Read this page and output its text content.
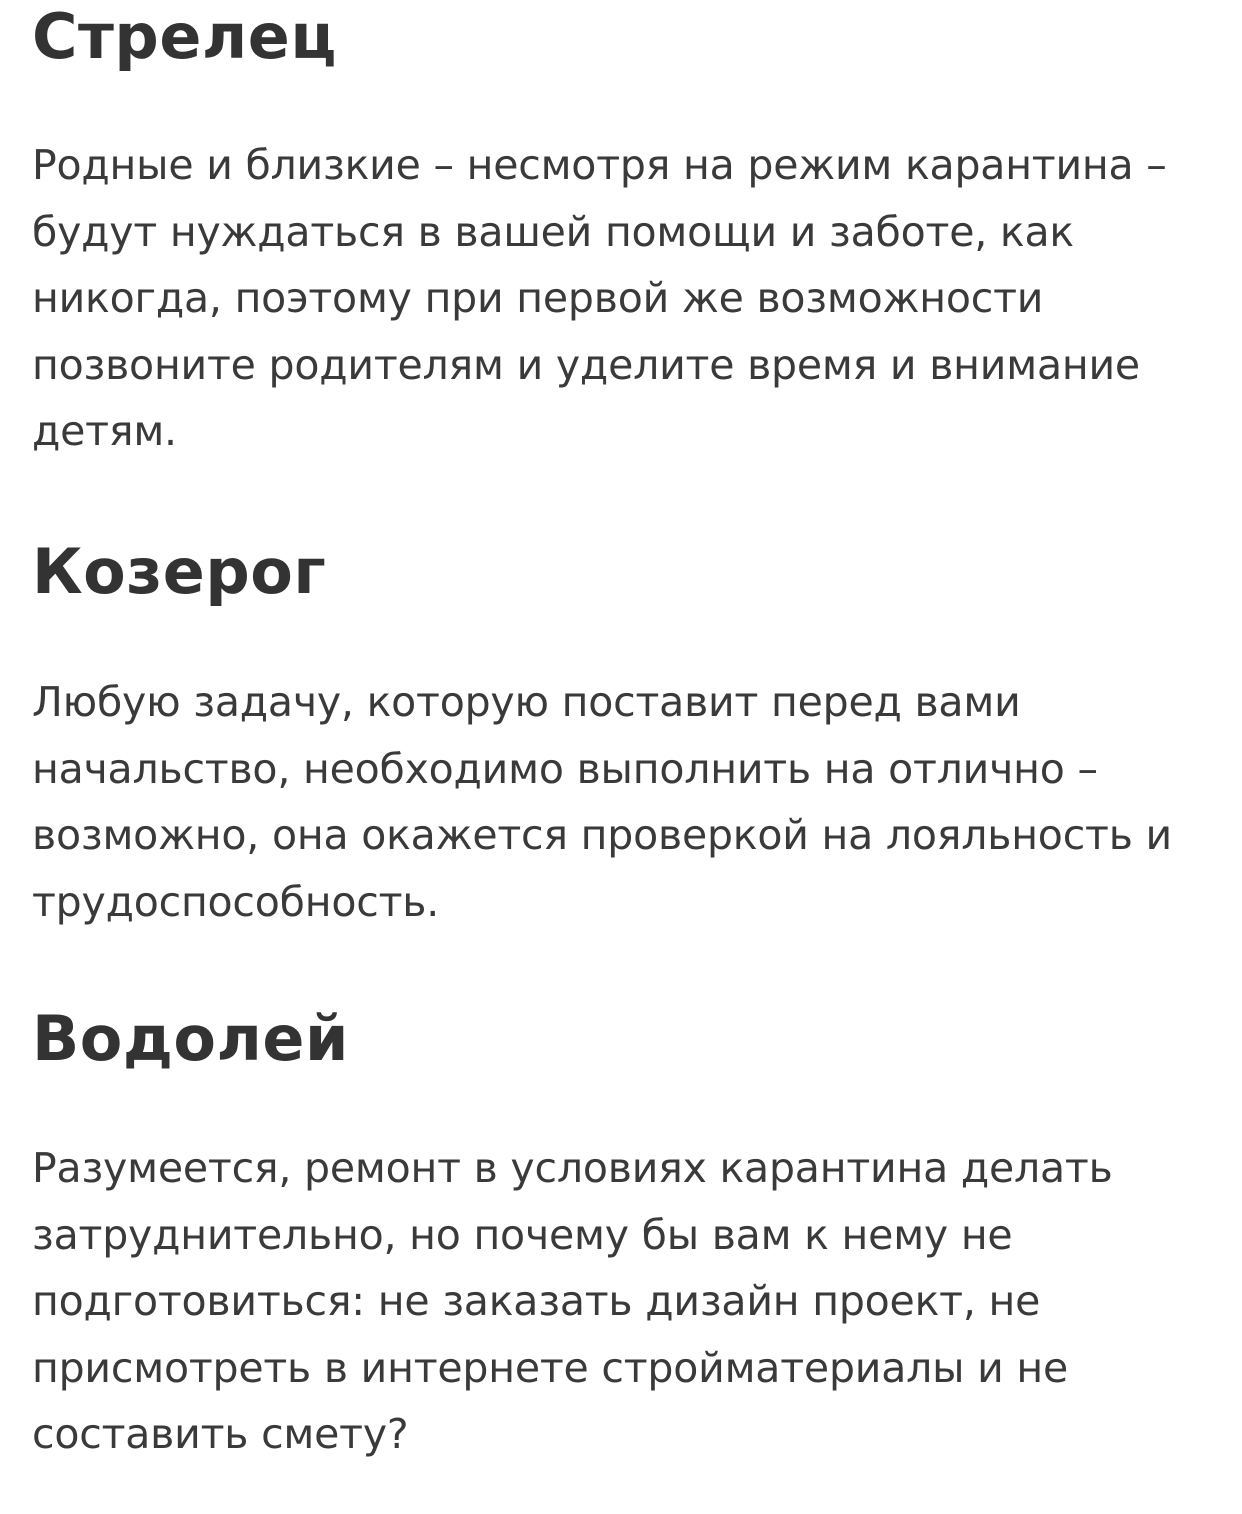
Стрелец

Родные и близкие – несмотря на режим карантина – будут нуждаться в вашей помощи и заботе, как никогда, поэтому при первой же возможности позвоните родителям и уделите время и внимание детям.

Козерог

Любую задачу, которую поставит перед вами начальство, необходимо выполнить на отлично – возможно, она окажется проверкой на лояльность и трудоспособность.

Водолей

Разумеется, ремонт в условиях карантина делать затруднительно, но почему бы вам к нему не подготовиться: не заказать дизайн проект, не присмотреть в интернете стройматериалы и не составить смету?
